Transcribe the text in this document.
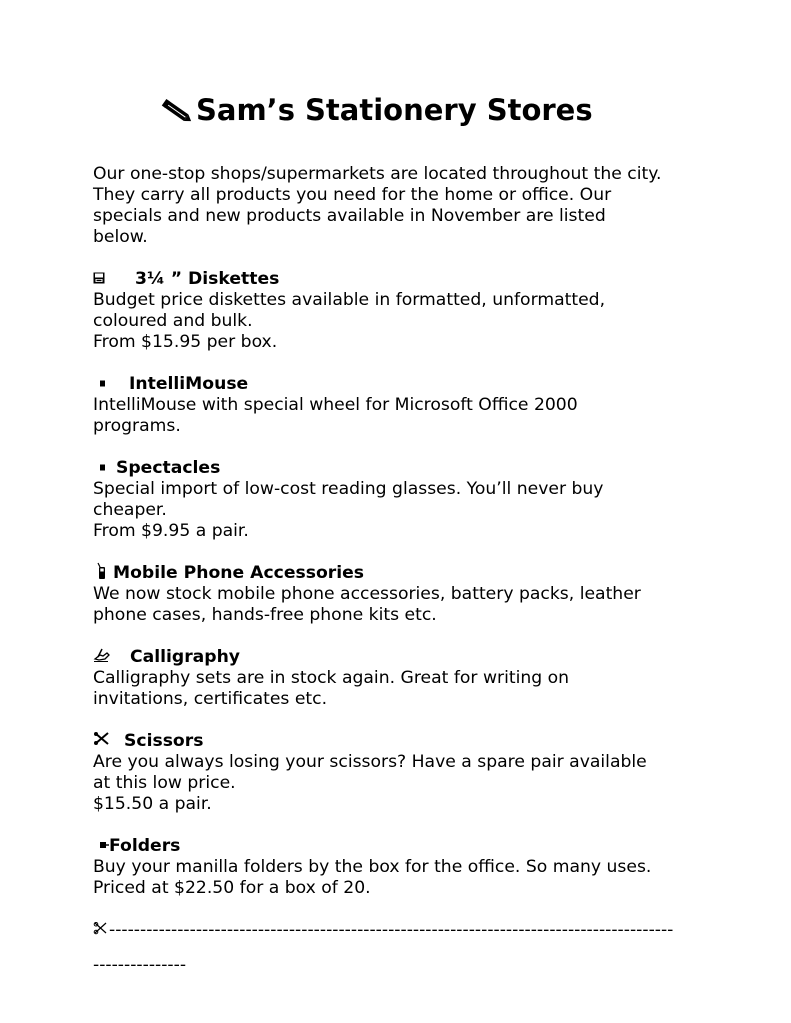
Sam’s Stationery Stores
Our one-stop shops/supermarkets are located throughout the city.
They carry all products you need for the home or office. Our
specials and new products available in November are listed
below.
3¼ ” Diskettes
Budget price diskettes available in formatted, unformatted,
coloured and bulk.
From $15.95 per box.
IntelliMouse
IntelliMouse with special wheel for Microsoft Office 2000
programs.
Spectacles
Special import of low-cost reading glasses. You’ll never buy
cheaper.
From $9.95 a pair.
Mobile Phone Accessories
We now stock mobile phone accessories, battery packs, leather
phone cases, hands-free phone kits etc.
Calligraphy
Calligraphy sets are in stock again. Great for writing on
invitations, certificates etc.
Scissors
Are you always losing your scissors? Have a spare pair available
at this low price.
$15.50 a pair.
Folders
Buy your manilla folders by the box for the office. So many uses.
Priced at $22.50 for a box of 20.
-------------------------------------------------------------------------------------------
---------------
